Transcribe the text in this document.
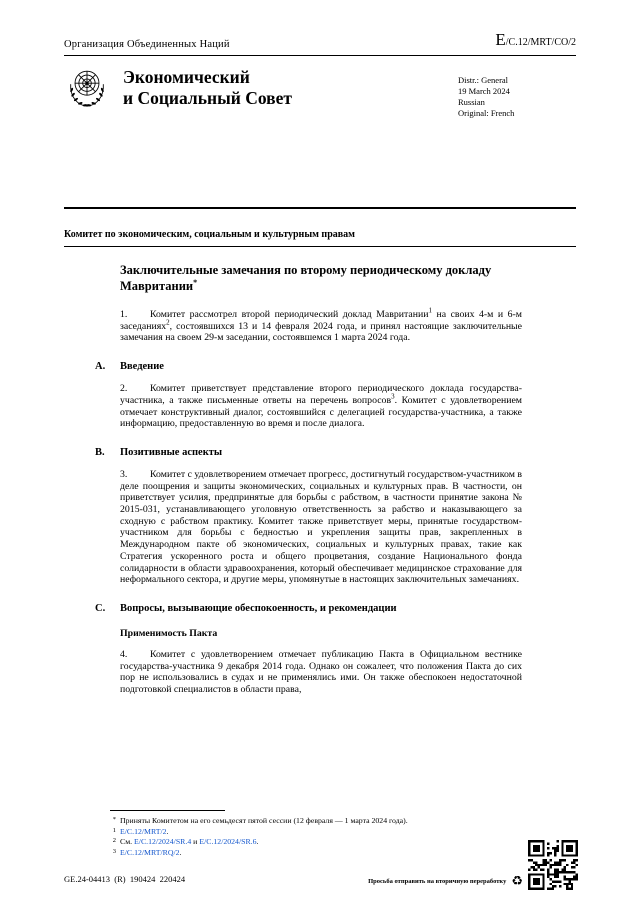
Организация Объединенных Наций	E/C.12/MRT/CO/2
Экономический
и Социальный Совет
Distr.: General
19 March 2024
Russian
Original: French
Комитет по экономическим, социальным и культурным правам
Заключительные замечания по второму периодическому докладу Мавритании*
1. Комитет рассмотрел второй периодический доклад Мавритании$^1$ на своих 4-м и 6-м заседаниях$^2$, состоявшихся 13 и 14 февраля 2024 года, и принял настоящие заключительные замечания на своем 29-м заседании, состоявшемся 1 марта 2024 года.
A.	Введение
2. Комитет приветствует представление второго периодического доклада государства-участника, а также письменные ответы на перечень вопросов$^3$. Комитет с удовлетворением отмечает конструктивный диалог, состоявшийся с делегацией государства-участника, а также информацию, предоставленную во время и после диалога.
B.	Позитивные аспекты
3. Комитет с удовлетворением отмечает прогресс, достигнутый государством-участником в деле поощрения и защиты экономических, социальных и культурных прав. В частности, он приветствует усилия, предпринятые для борьбы с рабством, в частности принятие закона № 2015-031, устанавливающего уголовную ответственность за рабство и наказывающего за сходную с рабством практику. Комитет также приветствует меры, принятые государством-участником для борьбы с бедностью и укрепления защиты прав, закрепленных в Международном пакте об экономических, социальных и культурных правах, такие как Стратегия ускоренного роста и общего процветания, создание Национального фонда солидарности в области здравоохранения, который обеспечивает медицинское страхование для неформального сектора, и другие меры, упомянутые в настоящих заключительных замечаниях.
C.	Вопросы, вызывающие обеспокоенность, и рекомендации
Применимость Пакта
4. Комитет с удовлетворением отмечает публикацию Пакта в Официальном вестнике государства-участника 9 декабря 2014 года. Однако он сожалеет, что положения Пакта до сих пор не использовались в судах и не применялись ими. Он также обеспокоен недостаточной подготовкой специалистов в области права,
* Приняты Комитетом на его семьдесят пятой сессии (12 февраля — 1 марта 2024 года).
1 E/C.12/MRT/2.
2 См. E/C.12/2024/SR.4 и E/C.12/2024/SR.6.
3 E/C.12/MRT/RQ/2.
GE.24-04413  (R)  190424  220424	Просьба отправить на вторичную переработку ♻
